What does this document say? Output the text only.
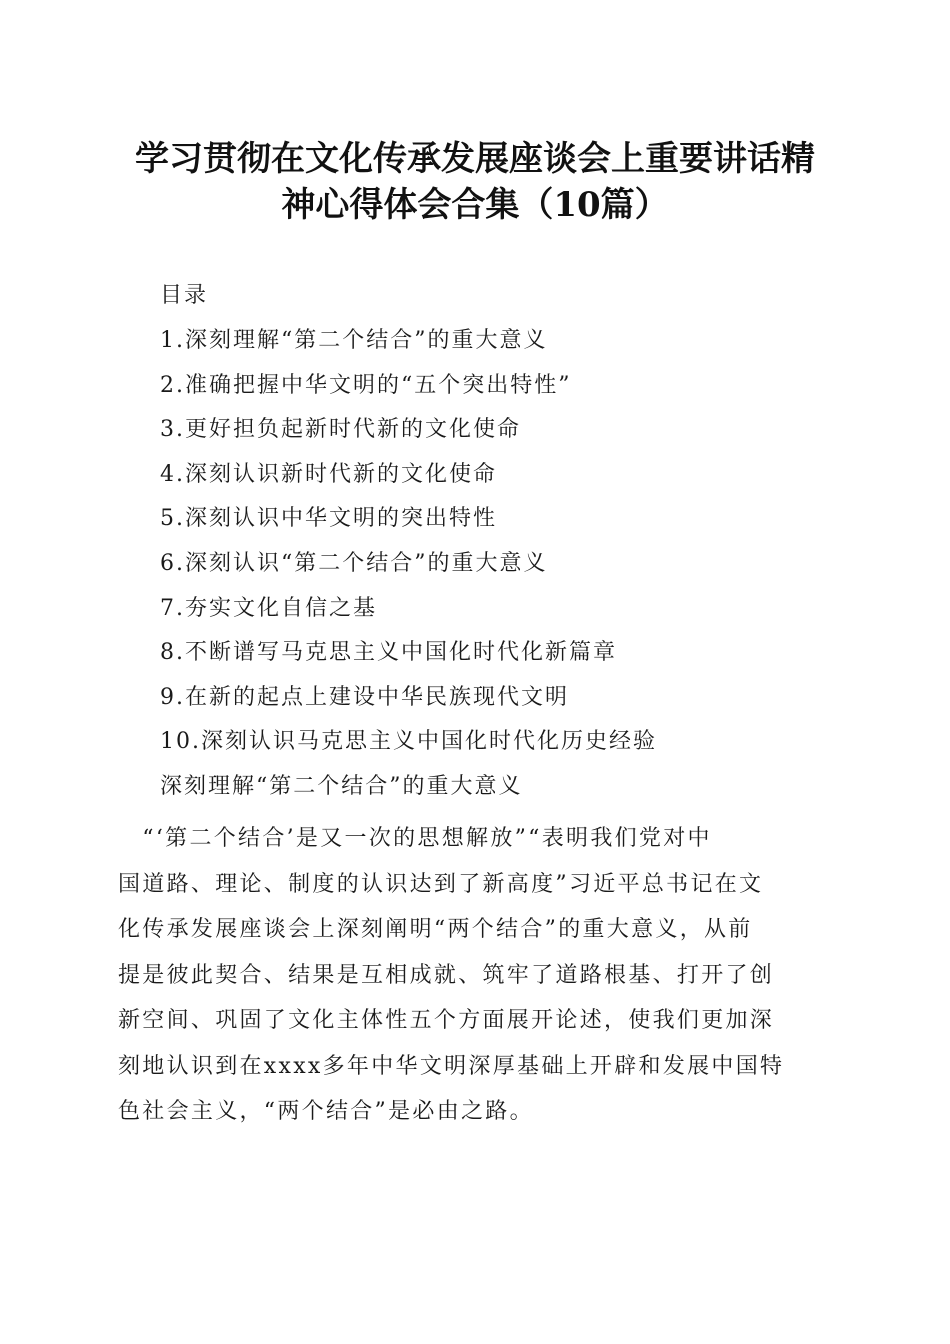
学习贯彻在文化传承发展座谈会上重要讲话精
神心得体会合集（10篇）
目录
1.深刻理解“第二个结合”的重大意义
2.准确把握中华文明的“五个突出特性”
3.更好担负起新时代新的文化使命
4.深刻认识新时代新的文化使命
5.深刻认识中华文明的突出特性
6.深刻认识“第二个结合”的重大意义
7.夯实文化自信之基
8.不断谱写马克思主义中国化时代化新篇章
9.在新的起点上建设中华民族现代文明
10.深刻认识马克思主义中国化时代化历史经验
深刻理解“第二个结合”的重大意义

　“‘第二个结合’是又一次的思想解放”“表明我们党对中
国道路、理论、制度的认识达到了新高度”习近平总书记在文
化传承发展座谈会上深刻阐明“两个结合”的重大意义，从前
提是彼此契合、结果是互相成就、筑牢了道路根基、打开了创
新空间、巩固了文化主体性五个方面展开论述，使我们更加深
刻地认识到在xxxx多年中华文明深厚基础上开辟和发展中国特
色社会主义，“两个结合”是必由之路。
